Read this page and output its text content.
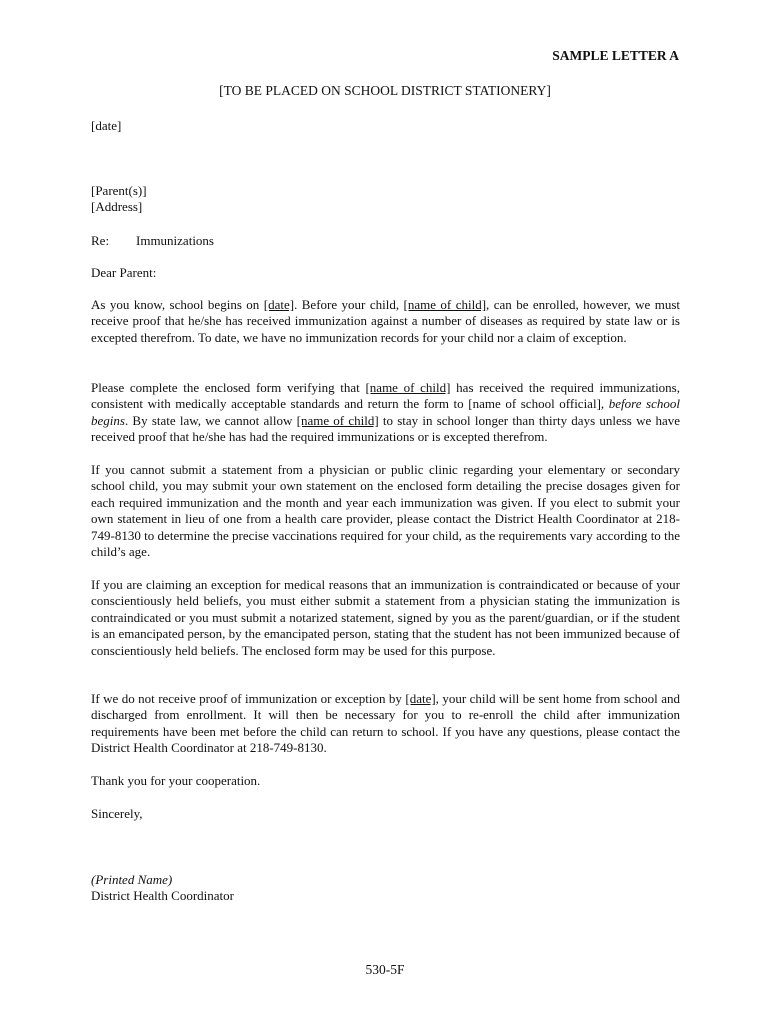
SAMPLE LETTER A
[TO BE PLACED ON SCHOOL DISTRICT STATIONERY]
[date]
[Parent(s)]
[Address]
Re: Immunizations
Dear Parent:

As you know, school begins on [date]. Before your child, [name of child], can be enrolled, however, we must receive proof that he/she has received immunization against a number of diseases as required by state law or is excepted therefrom. To date, we have no immunization records for your child nor a claim of exception.

Please complete the enclosed form verifying that [name of child] has received the required immunizations, consistent with medically acceptable standards and return the form to [name of school official], before school begins. By state law, we cannot allow [name of child] to stay in school longer than thirty days unless we have received proof that he/she has had the required immunizations or is excepted therefrom.

If you cannot submit a statement from a physician or public clinic regarding your elementary or secondary school child, you may submit your own statement on the enclosed form detailing the precise dosages given for each required immunization and the month and year each immunization was given. If you elect to submit your own statement in lieu of one from a health care provider, please contact the District Health Coordinator at 218-749-8130 to determine the precise vaccinations required for your child, as the requirements vary according to the child’s age.

If you are claiming an exception for medical reasons that an immunization is contraindicated or because of your conscientiously held beliefs, you must either submit a statement from a physician stating the immunization is contraindicated or you must submit a notarized statement, signed by you as the parent/guardian, or if the student is an emancipated person, by the emancipated person, stating that the student has not been immunized because of conscientiously held beliefs. The enclosed form may be used for this purpose.

If we do not receive proof of immunization or exception by [date], your child will be sent home from school and discharged from enrollment. It will then be necessary for you to re-enroll the child after immunization requirements have been met before the child can return to school. If you have any questions, please contact the District Health Coordinator at 218-749-8130.

Thank you for your cooperation.
Sincerely,
(Printed Name)
District Health Coordinator
530-5F
